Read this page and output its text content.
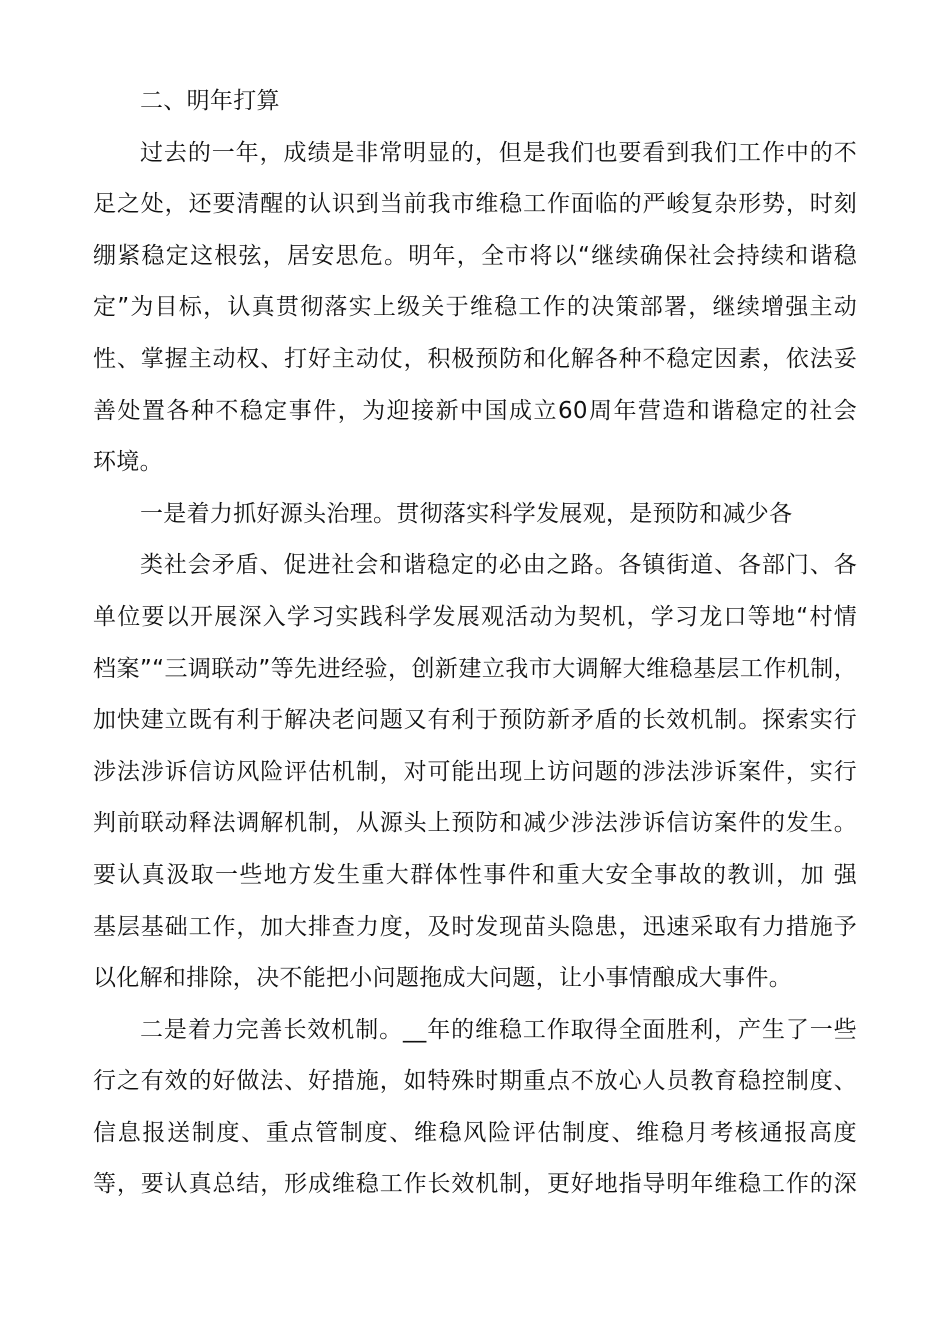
二、明年打算
过去的一年，成绩是非常明显的，但是我们也要看到我们工作中的不
足之处，还要清醒的认识到当前我市维稳工作面临的严峻复杂形势，时刻
绷紧稳定这根弦，居安思危。明年，全市将以“继续确保社会持续和谐稳
定”为目标，认真贯彻落实上级关于维稳工作的决策部署，继续增强主动
性、掌握主动权、打好主动仗，积极预防和化解各种不稳定因素，依法妥
善处置各种不稳定事件，为迎接新中国成立60周年营造和谐稳定的社会
环境。
一是着力抓好源头治理。贯彻落实科学发展观，是预防和减少各
类社会矛盾、促进社会和谐稳定的必由之路。各镇街道、各部门、各
单位要以开展深入学习实践科学发展观活动为契机，学习龙口等地“村情
档案”“三调联动”等先进经验，创新建立我市大调解大维稳基层工作机制，
加快建立既有利于解决老问题又有利于预防新矛盾的长效机制。探索实行
涉法涉诉信访风险评估机制，对可能出现上访问题的涉法涉诉案件，实行
判前联动释法调解机制，从源头上预防和减少涉法涉诉信访案件的发生。
要认真汲取一些地方发生重大群体性事件和重大安全事故的教训，加 强
基层基础工作，加大排查力度，及时发现苗头隐患，迅速采取有力措施予
以化解和排除，决不能把小问题拖成大问题，让小事情酿成大事件。
二是着力完善长效机制。__年的维稳工作取得全面胜利，产生了一些
行之有效的好做法、好措施，如特殊时期重点不放心人员教育稳控制度、
信息报送制度、重点管制度、维稳风险评估制度、维稳月考核通报高度
等，要认真总结，形成维稳工作长效机制，更好地指导明年维稳工作的深
